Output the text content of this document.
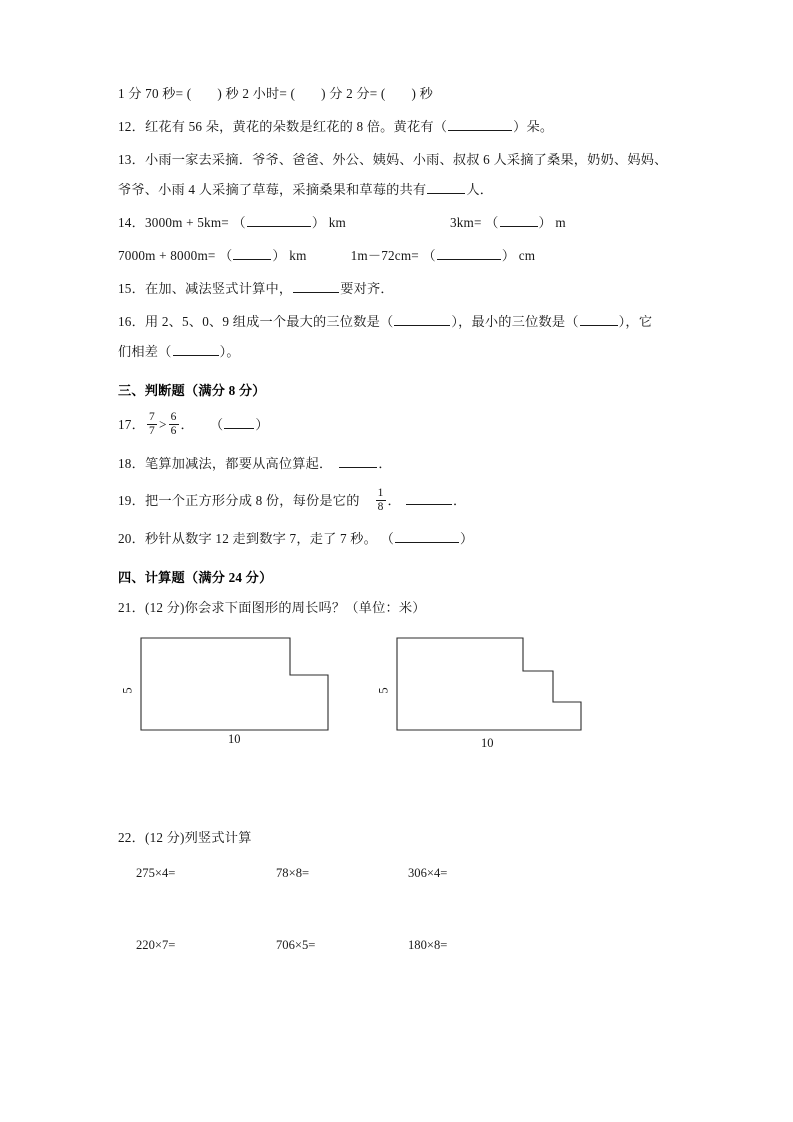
1 分 70 秒= ( ) 秒 2 小时= ( ) 分 2 分= ( ) 秒

12．红花有 56 朵，黄花的朵数是红花的 8 倍。黄花有（	）朵。

13．小雨一家去采摘．爷爷、爸爸、外公、姨妈、小雨、叔叔 6 人采摘了桑果，奶奶、妈妈、
爷爷、小雨 4 人采摘了草莓，采摘桑果和草莓的共有	人．

14．3000m + 5km= （	） km	3km= （	） m

7000m + 8000m= （	） km	1m－72cm= （	） cm

15．在加、减法竖式计算中，	要对齐．

16．用 2、5、0、9 组成一个最大的三位数是（	），最小的三位数是（	），它
们相差（	）。

三、判断题（满分 8 分）

17． $\frac{7}{7} > \frac{6}{6}$ ． （ ）

18．笔算加减法，都要从高位算起．	．

19．把一个正方形分成 8 份，每份是它的 $\frac{1}{8}$ ．	．

20．秒针从数字 12 走到数字 7，走了 7 秒。 （	）

四、计算题（满分 24 分）

21．(12 分)你会求下面图形的周长吗？（单位：米）

5
10
5
10

22．(12 分)列竖式计算

275×4=	78×8=	306×4=
220×7=	706×5=	180×8=
